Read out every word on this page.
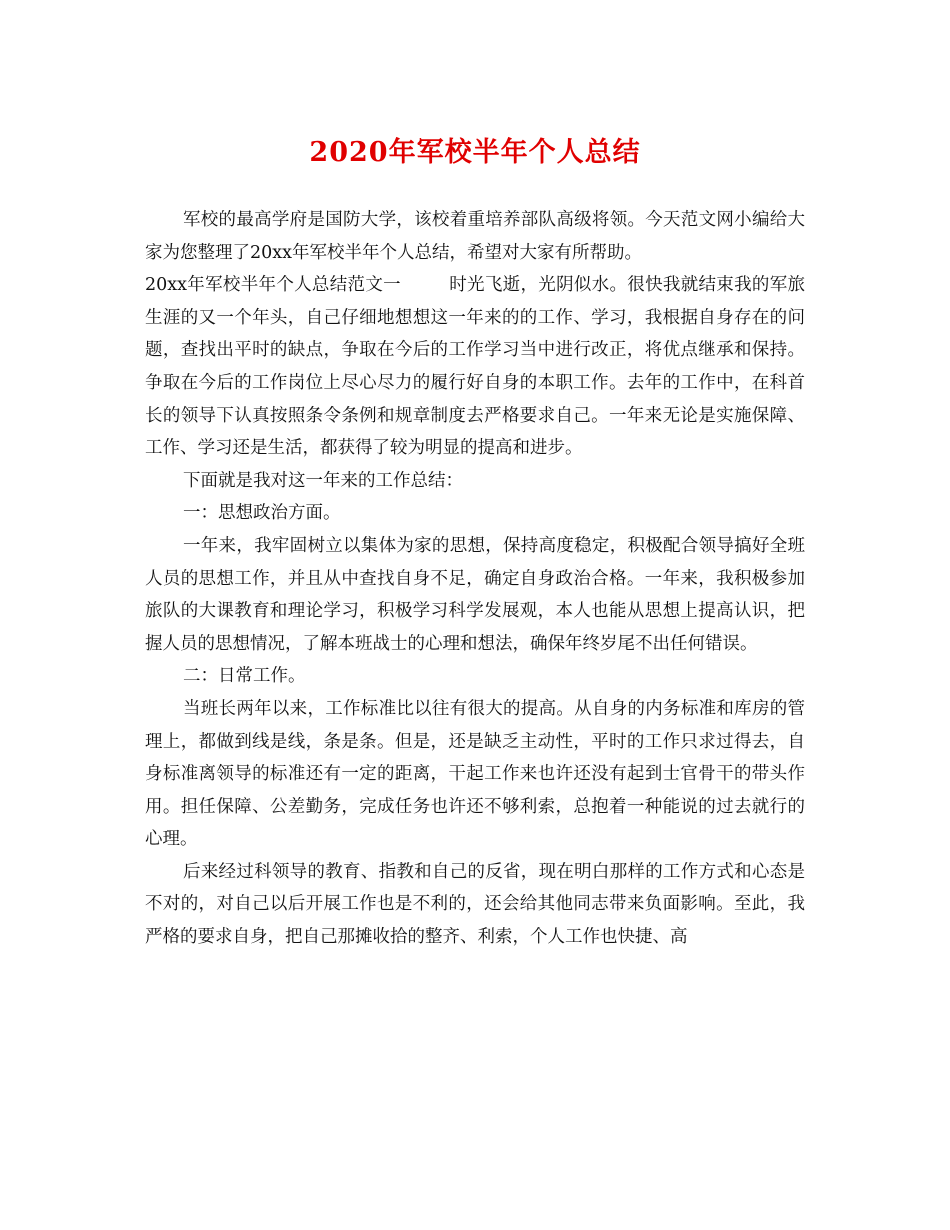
2020年军校半年个人总结

军校的最高学府是国防大学，该校着重培养部队高级将领。今天范文网小编给大家为您整理了20xx年军校半年个人总结，希望对大家有所帮助。

20xx年军校半年个人总结范文一	时光飞逝，光阴似水。很快我就结束我的军旅生涯的又一个年头，自己仔细地想想这一年来的的工作、学习，我根据自身存在的问题，查找出平时的缺点，争取在今后的工作学习当中进行改正，将优点继承和保持。争取在今后的工作岗位上尽心尽力的履行好自身的本职工作。去年的工作中，在科首长的领导下认真按照条令条例和规章制度去严格要求自己。一年来无论是实施保障、工作、学习还是生活，都获得了较为明显的提高和进步。

下面就是我对这一年来的工作总结：

一：思想政治方面。

一年来，我牢固树立以集体为家的思想，保持高度稳定，积极配合领导搞好全班人员的思想工作，并且从中查找自身不足，确定自身政治合格。一年来，我积极参加旅队的大课教育和理论学习，积极学习科学发展观，本人也能从思想上提高认识，把握人员的思想情况，了解本班战士的心理和想法，确保年终岁尾不出任何错误。

二：日常工作。

当班长两年以来，工作标准比以往有很大的提高。从自身的内务标准和库房的管理上，都做到线是线，条是条。但是，还是缺乏主动性，平时的工作只求过得去，自身标准离领导的标准还有一定的距离，干起工作来也许还没有起到士官骨干的带头作用。担任保障、公差勤务，完成任务也许还不够利索，总抱着一种能说的过去就行的心理。

后来经过科领导的教育、指教和自己的反省，现在明白那样的工作方式和心态是不对的，对自己以后开展工作也是不利的，还会给其他同志带来负面影响。至此，我严格的要求自身，把自己那摊收拾的整齐、利索，个人工作也快捷、高
